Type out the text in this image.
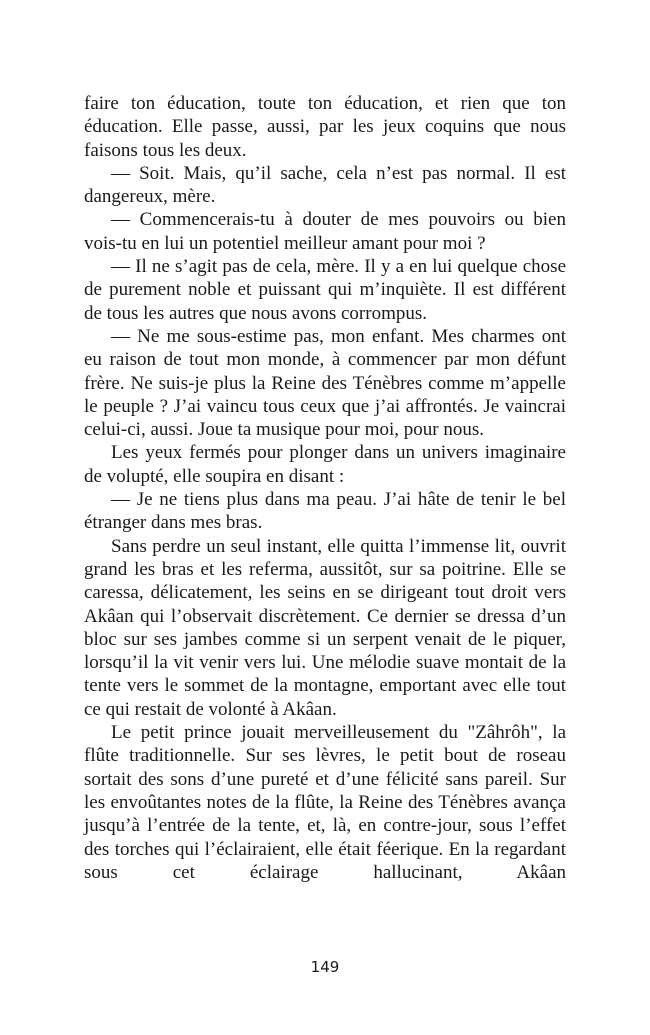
faire ton éducation, toute ton éducation, et rien que ton éducation. Elle passe, aussi, par les jeux coquins que nous faisons tous les deux.

— Soit. Mais, qu’il sache, cela n’est pas normal. Il est dangereux, mère.

— Commencerais-tu à douter de mes pouvoirs ou bien vois-tu en lui un potentiel meilleur amant pour moi ?

— Il ne s’agit pas de cela, mère. Il y a en lui quelque chose de purement noble et puissant qui m’inquiète. Il est différent de tous les autres que nous avons corrompus.

— Ne me sous-estime pas, mon enfant. Mes charmes ont eu raison de tout mon monde, à commencer par mon défunt frère. Ne suis-je plus la Reine des Ténèbres comme m’appelle le peuple ? J’ai vaincu tous ceux que j’ai affrontés. Je vaincrai celui-ci, aussi. Joue ta musique pour moi, pour nous.

Les yeux fermés pour plonger dans un univers imaginaire de volupté, elle soupira en disant :

— Je ne tiens plus dans ma peau. J’ai hâte de tenir le bel étranger dans mes bras.

Sans perdre un seul instant, elle quitta l’immense lit, ouvrit grand les bras et les referma, aussitôt, sur sa poitrine. Elle se caressa, délicatement, les seins en se dirigeant tout droit vers Akâan qui l’observait discrètement. Ce dernier se dressa d’un bloc sur ses jambes comme si un serpent venait de le piquer, lorsqu’il la vit venir vers lui. Une mélodie suave montait de la tente vers le sommet de la montagne, emportant avec elle tout ce qui restait de volonté à Akâan.

Le petit prince jouait merveilleusement du "Zâhrôh", la flûte traditionnelle. Sur ses lèvres, le petit bout de roseau sortait des sons d’une pureté et d’une félicité sans pareil. Sur les envoûtantes notes de la flûte, la Reine des Ténèbres avança jusqu’à l’entrée de la tente, et, là, en contre-jour, sous l’effet des torches qui l’éclairaient, elle était féerique. En la regardant sous cet éclairage hallucinant, Akâan

149
